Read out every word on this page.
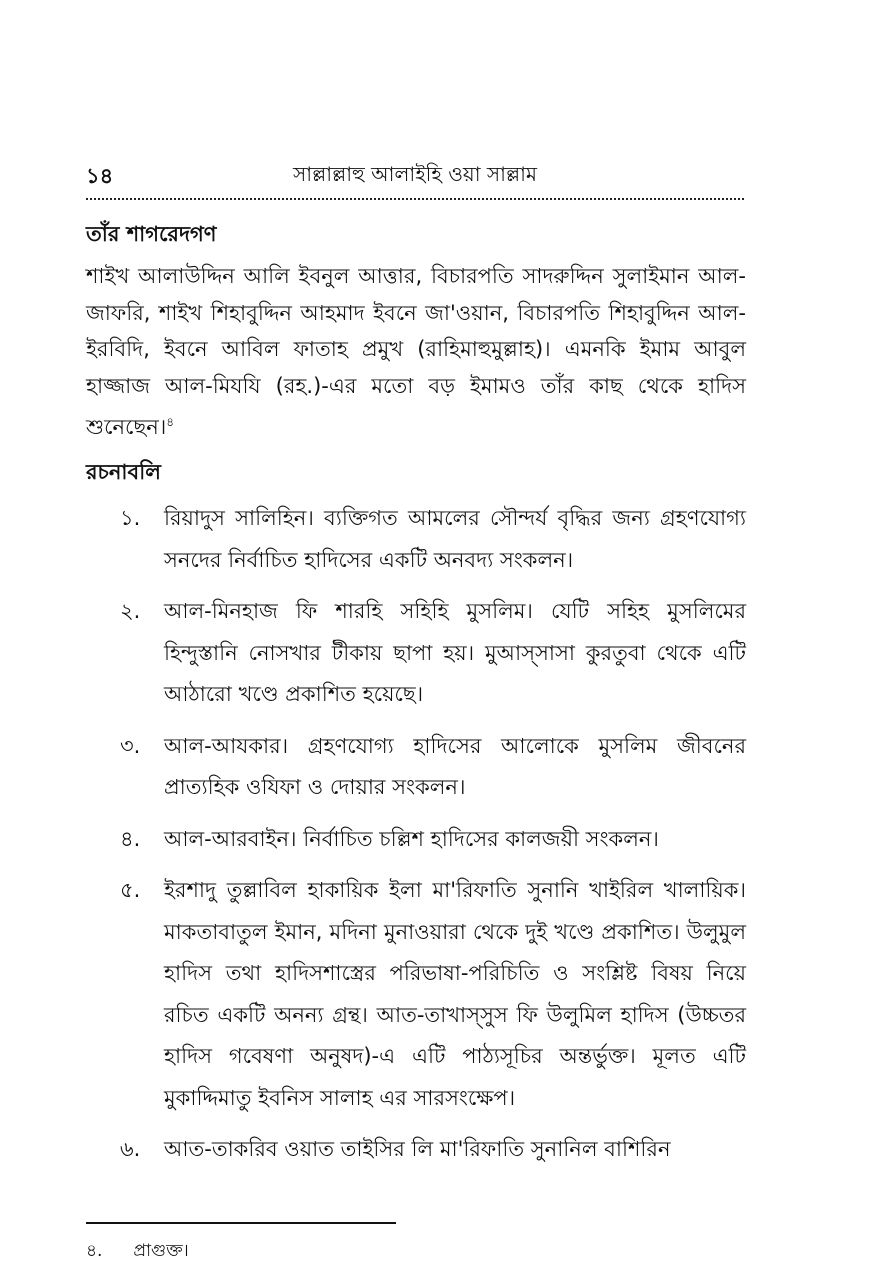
১৪	সাল্লাল্লাহু আলাইহি ওয়া সাল্লাম
তাঁর শাগরেদগণ
শাইখ আলাউদ্দিন আলি ইবনুল আত্তার, বিচারপতি সাদরুদ্দিন সুলাইমান আল-জাফরি, শাইখ শিহাবুদ্দিন আহমাদ ইবনে জা'ওয়ান, বিচারপতি শিহাবুদ্দিন আল-ইরবিদি, ইবনে আবিল ফাতাহ প্রমুখ (রাহিমাহুমুল্লাহ)। এমনকি ইমাম আবুল হাজ্জাজ আল-মিযযি (রহ.)-এর মতো বড় ইমামও তাঁর কাছ থেকে হাদিস শুনেছেন।$^৪$
রচনাবলি
১. রিয়াদুস সালিহিন। ব্যক্তিগত আমলের সৌন্দর্য বৃদ্ধির জন্য গ্রহণযোগ্য সনদের নির্বাচিত হাদিসের একটি অনবদ্য সংকলন।
২. আল-মিনহাজ ফি শারহি সহিহি মুসলিম। যেটি সহিহ মুসলিমের হিন্দুস্তানি নোসখার টীকায় ছাপা হয়। মুআস্সাসা কুরতুবা থেকে এটি আঠারো খণ্ডে প্রকাশিত হয়েছে।
৩. আল-আযকার। গ্রহণযোগ্য হাদিসের আলোকে মুসলিম জীবনের প্রাত্যহিক ওযিফা ও দোয়ার সংকলন।
৪. আল-আরবাইন। নির্বাচিত চল্লিশ হাদিসের কালজয়ী সংকলন।
৫. ইরশাদু তুল্লাবিল হাকায়িক ইলা মা'রিফাতি সুনানি খাইরিল খালায়িক। মাকতাবাতুল ইমান, মদিনা মুনাওয়ারা থেকে দুই খণ্ডে প্রকাশিত। উলুমুল হাদিস তথা হাদিসশাস্ত্রের পরিভাষা-পরিচিতি ও সংশ্লিষ্ট বিষয় নিয়ে রচিত একটি অনন্য গ্রন্থ। আত-তাখাস্সুস ফি উলুমিল হাদিস (উচ্চতর হাদিস গবেষণা অনুষদ)-এ এটি পাঠ্যসূচির অন্তর্ভুক্ত। মূলত এটি মুকাদ্দিমাতু ইবনিস সালাহ এর সারসংক্ষেপ।
৬. আত-তাকরিব ওয়াত তাইসির লি মা'রিফাতি সুনানিল বাশিরিন
৪. প্রাগুক্ত।
